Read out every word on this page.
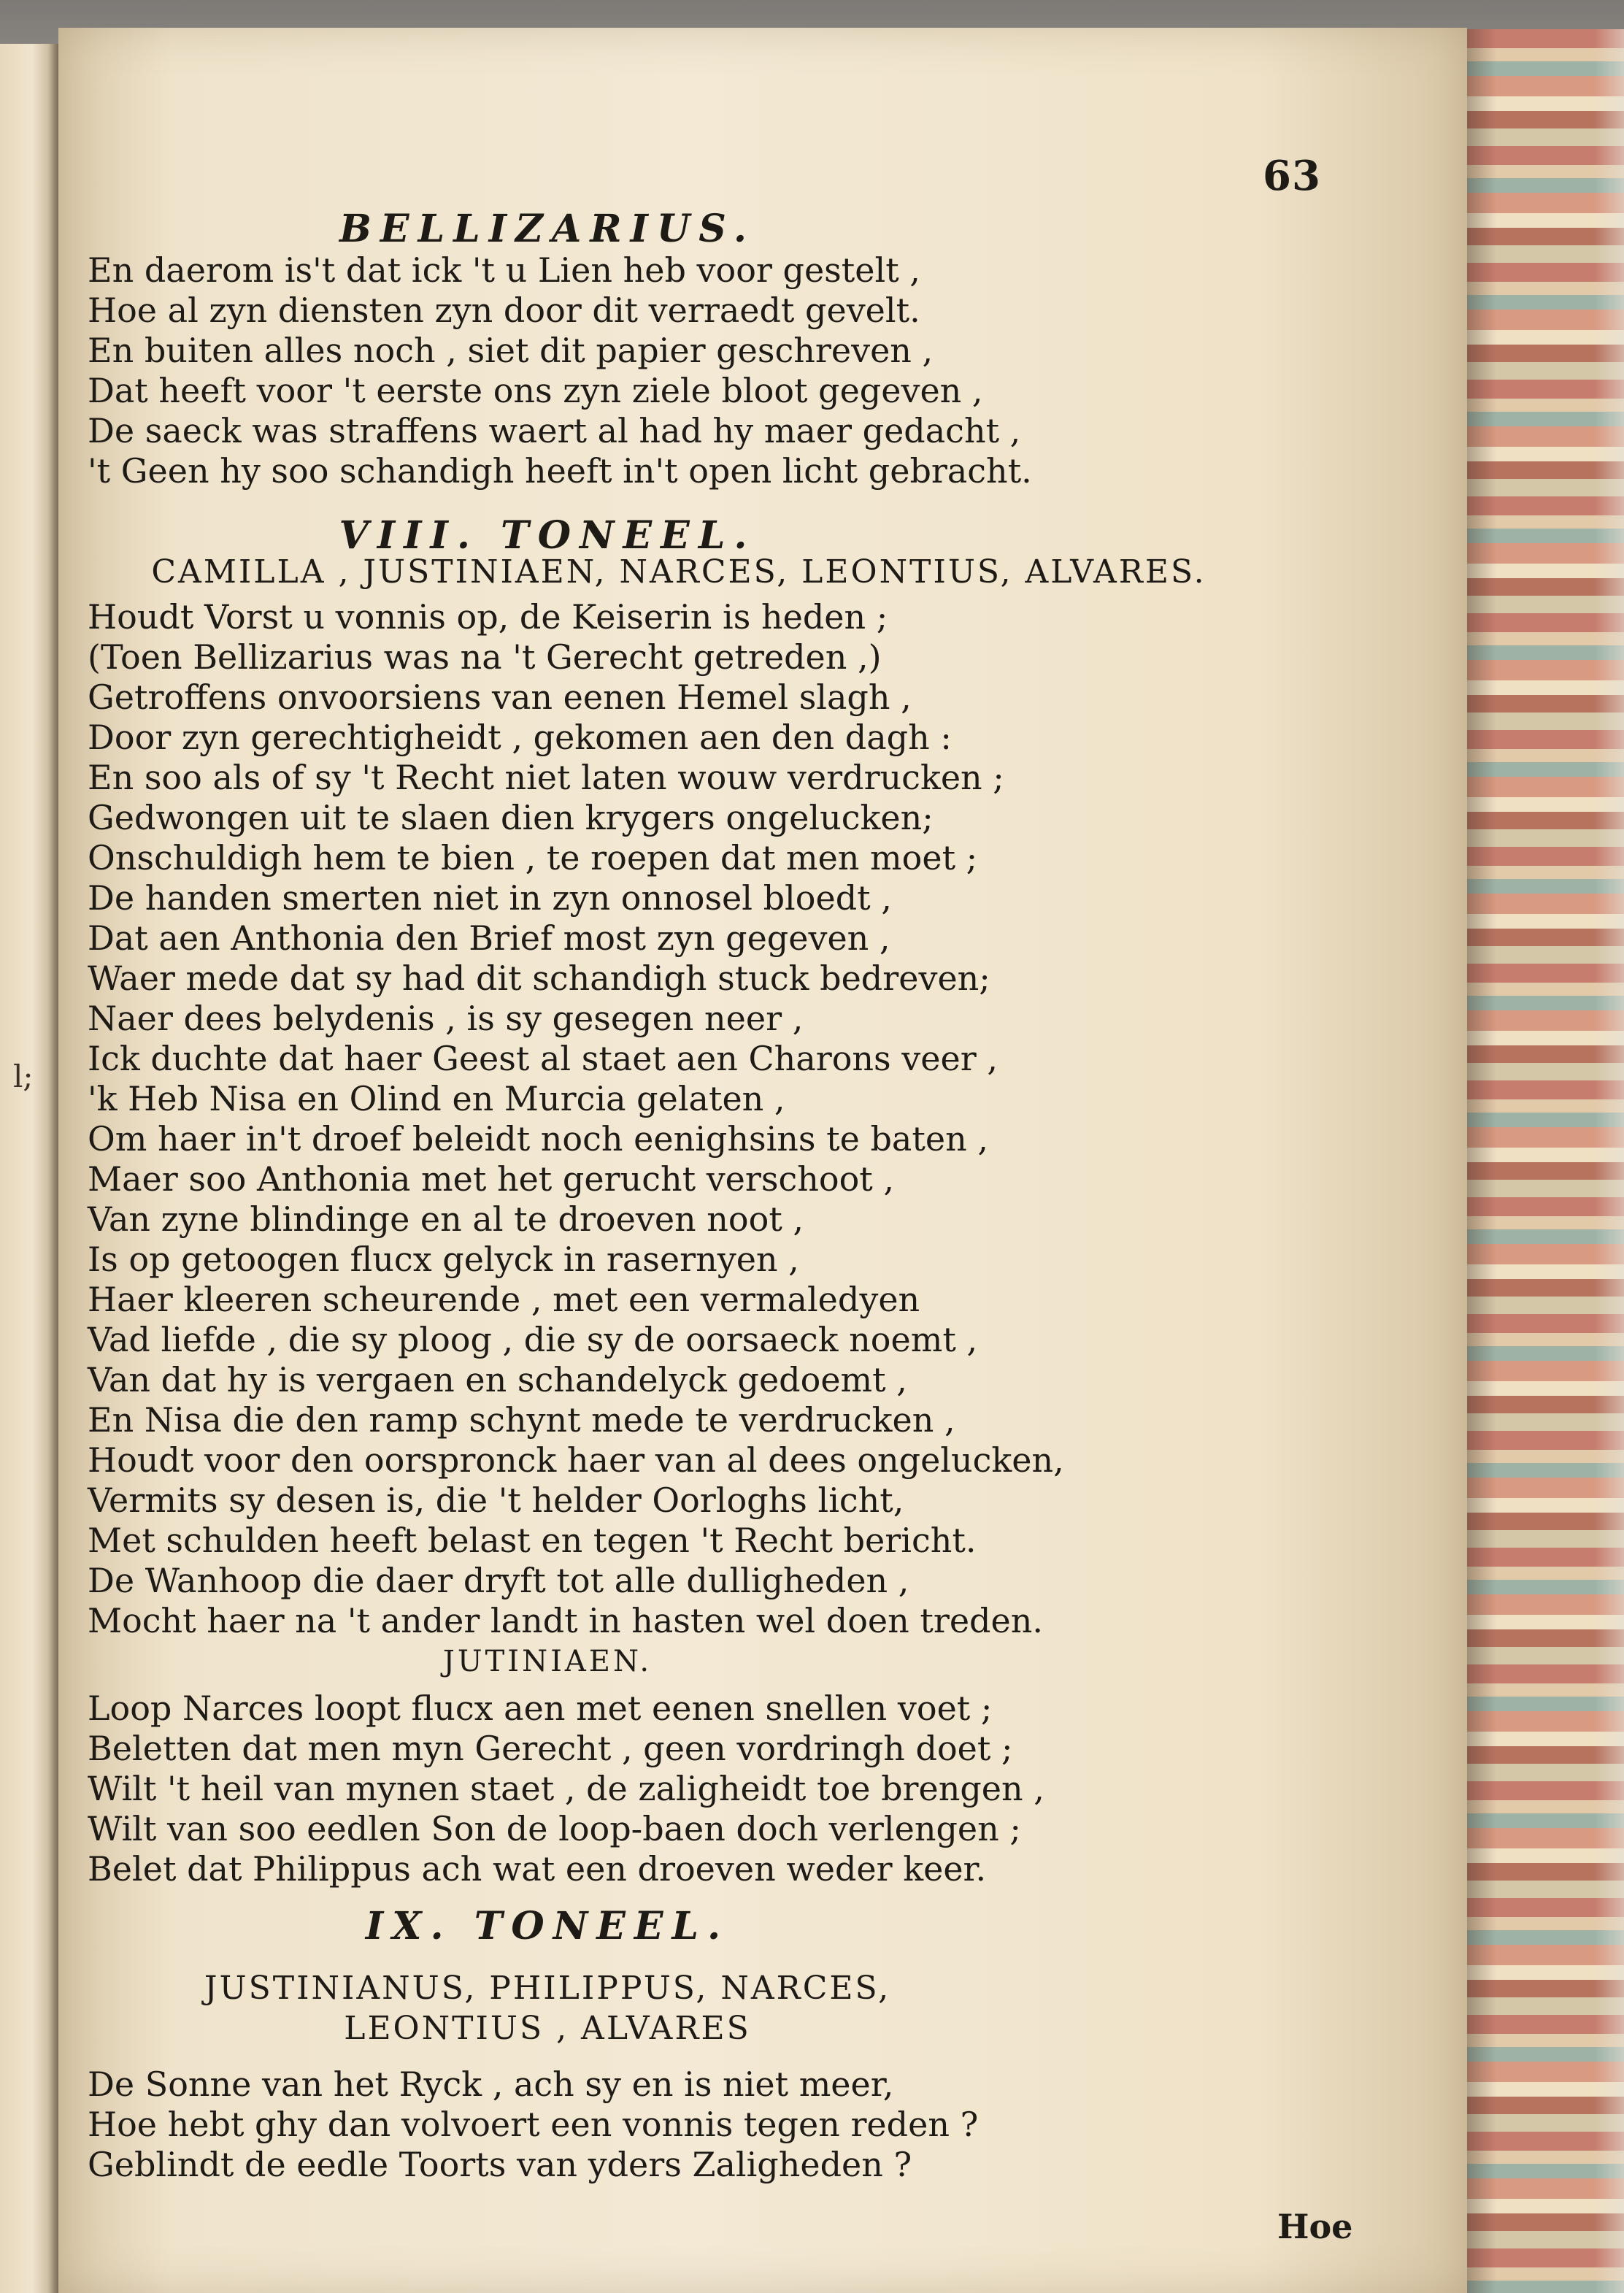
l;
63
BELLIZARIUS.
En daerom is't dat ick 't u Lien heb voor gestelt ,
Hoe al zyn diensten zyn door dit verraedt gevelt.
En buiten alles noch , siet dit papier geschreven ,
Dat heeft voor 't eerste ons zyn ziele bloot gegeven ,
De saeck was straffens waert al had hy maer gedacht ,
't Geen hy soo schandigh heeft in't open licht gebracht.
VIII. TONEEL.
CAMILLA , JUSTINIAEN, NARCES, LEONTIUS, ALVARES.
Houdt Vorst u vonnis op, de Keiserin is heden ;
(Toen Bellizarius was na 't Gerecht getreden ,)
Getroffens onvoorsiens van eenen Hemel slagh ,
Door zyn gerechtigheidt , gekomen aen den dagh :
En soo als of sy 't Recht niet laten wouw verdrucken ;
Gedwongen uit te slaen dien krygers ongelucken;
Onschuldigh hem te bien , te roepen dat men moet ;
De handen smerten niet in zyn onnosel bloedt ,
Dat aen Anthonia den Brief most zyn gegeven ,
Waer mede dat sy had dit schandigh stuck bedreven;
Naer dees belydenis , is sy gesegen neer ,
Ick duchte dat haer Geest al staet aen Charons veer ,
'k Heb Nisa en Olind en Murcia gelaten ,
Om haer in't droef beleidt noch eenighsins te baten ,
Maer soo Anthonia met het gerucht verschoot ,
Van zyne blindinge en al te droeven noot ,
Is op getoogen flucx gelyck in rasernyen ,
Haer kleeren scheurende , met een vermaledyen
Vad liefde , die sy ploog , die sy de oorsaeck noemt ,
Van dat hy is vergaen en schandelyck gedoemt ,
En Nisa die den ramp schynt mede te verdrucken ,
Houdt voor den oorspronck haer van al dees ongelucken,
Vermits sy desen is, die 't helder Oorloghs licht,
Met schulden heeft belast en tegen 't Recht bericht.
De Wanhoop die daer dryft tot alle dulligheden ,
Mocht haer na 't ander landt in hasten wel doen treden.
JUTINIAEN.
Loop Narces loopt flucx aen met eenen snellen voet ;
Beletten dat men myn Gerecht , geen vordringh doet ;
Wilt 't heil van mynen staet , de zaligheidt toe brengen ,
Wilt van soo eedlen Son de loop-baen doch verlengen ;
Belet dat Philippus ach wat een droeven weder keer.
IX. TONEEL.
JUSTINIANUS, PHILIPPUS, NARCES,
LEONTIUS , ALVARES
De Sonne van het Ryck , ach sy en is niet meer,
Hoe hebt ghy dan volvoert een vonnis tegen reden ?
Geblindt de eedle Toorts van yders Zaligheden ?
Hoe
